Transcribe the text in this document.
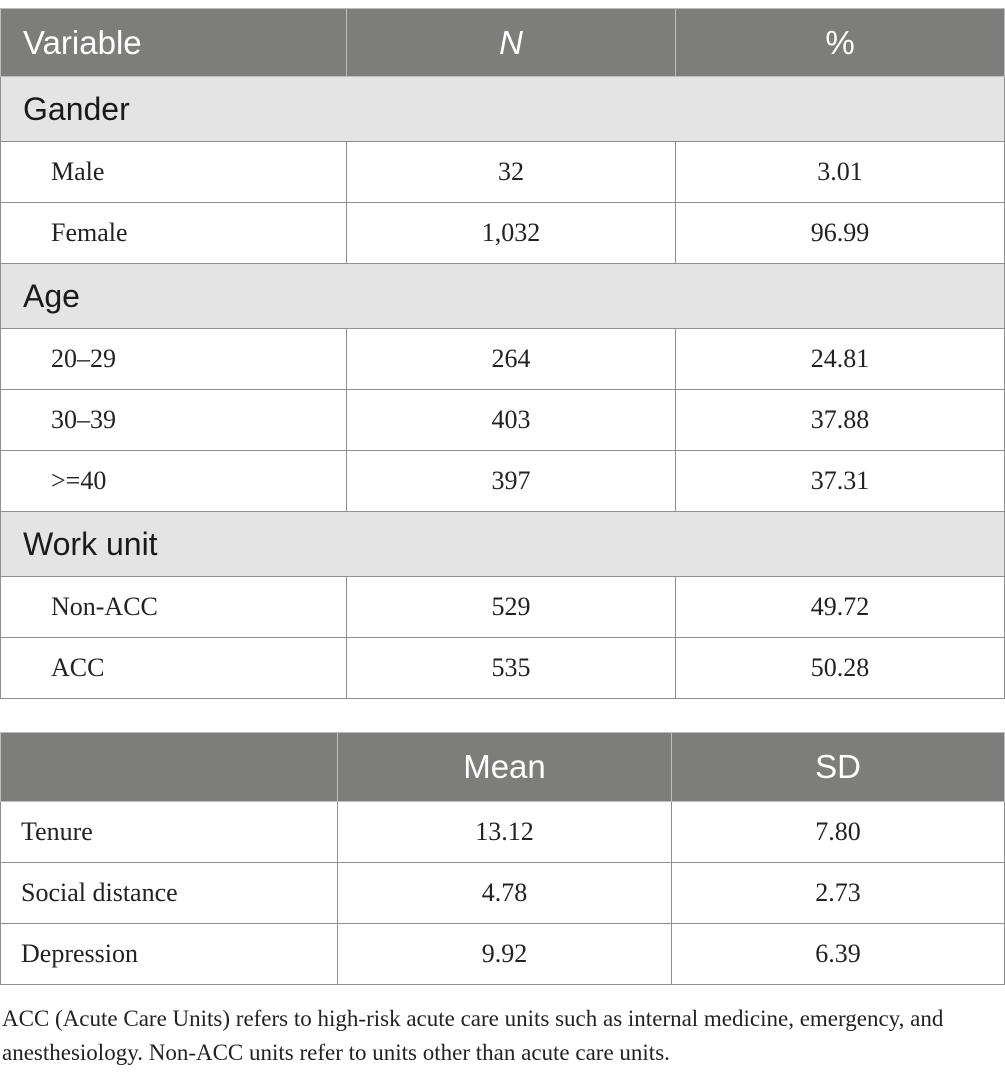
Variable	N	%
Gander		
Male	32	3.01
Female	1,032	96.99
Age		
20–29	264	24.81
30–39	403	37.88
>=40	397	37.31
Work unit		
Non-ACC	529	49.72
ACC	535	50.28
	Mean	SD
Tenure	13.12	7.80
Social distance	4.78	2.73
Depression	9.92	6.39

ACC (Acute Care Units) refers to high-risk acute care units such as internal medicine, emergency, and anesthesiology. Non-ACC units refer to units other than acute care units.
